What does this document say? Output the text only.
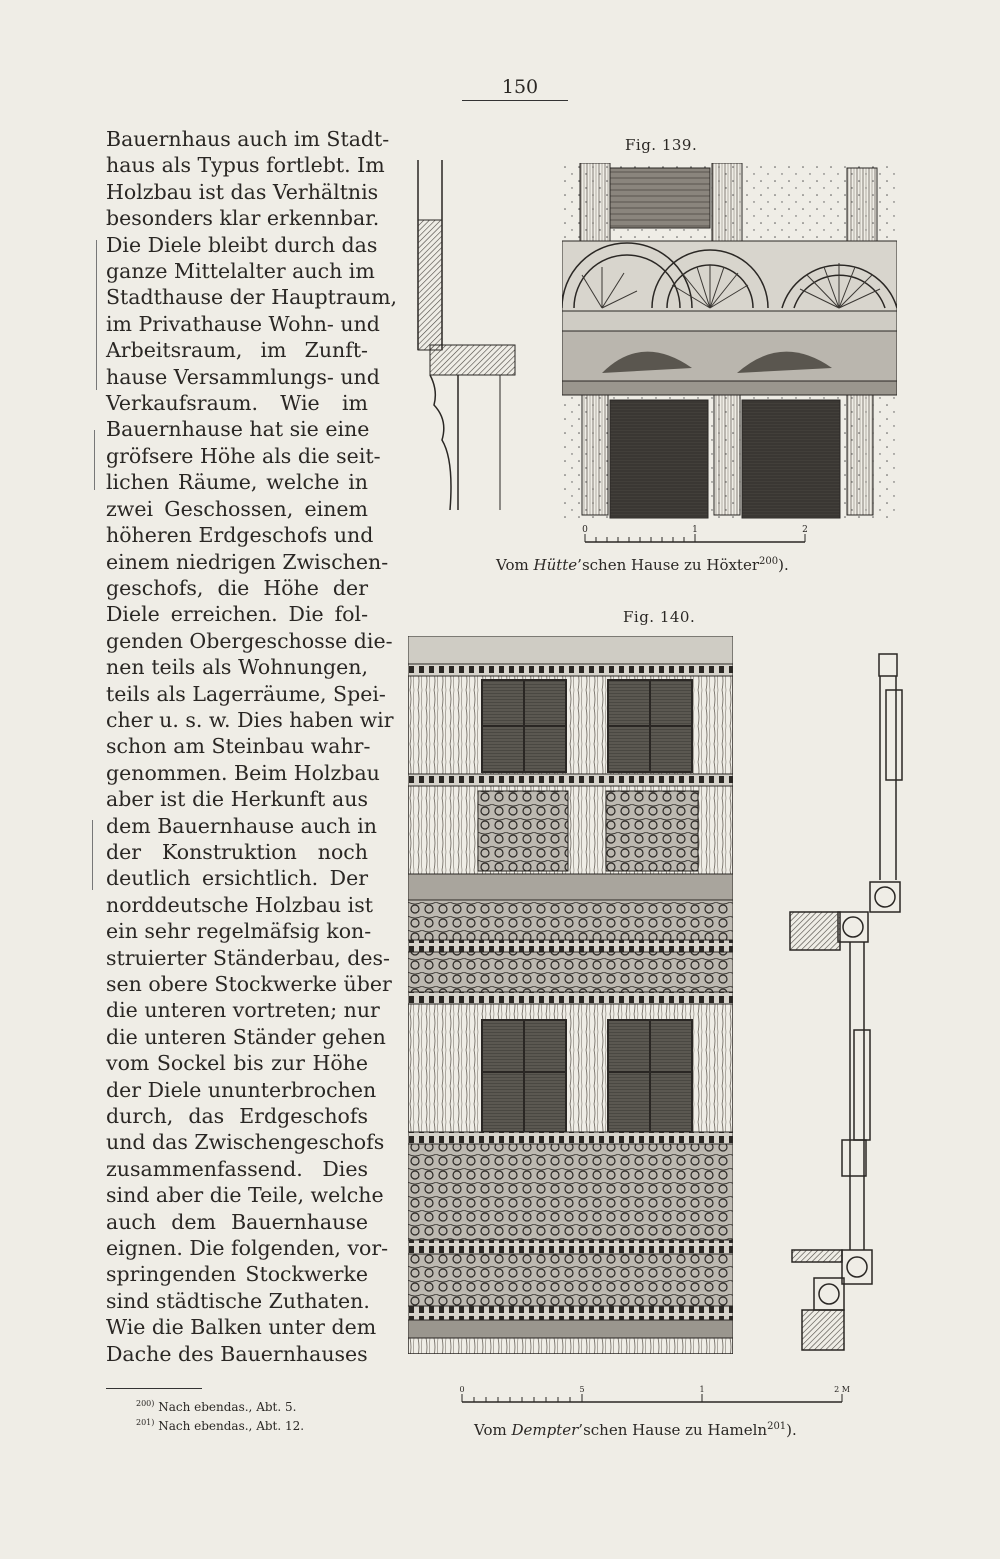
150
Bauernhaus auch im Stadt-
haus als Typus fortlebt. Im
Holzbau ist das Verhältnis
besonders klar erkennbar.
Die Diele bleibt durch das
ganze Mittelalter auch im
Stadthause der Hauptraum,
im Privathause Wohn- und
Arbeitsraum, im Zunft-
hause Versammlungs- und
Verkaufsraum. Wie im
Bauernhause hat sie eine
gröfsere Höhe als die seit-
lichen Räume, welche in
zwei Geschossen, einem
höheren Erdgeschofs und
einem niedrigen Zwischen-
geschofs, die Höhe der
Diele erreichen. Die fol-
genden Obergeschosse die-
nen teils als Wohnungen,
teils als Lagerräume, Spei-
cher u. s. w. Dies haben wir
schon am Steinbau wahr-
genommen. Beim Holzbau
aber ist die Herkunft aus
dem Bauernhause auch in
der Konstruktion noch
deutlich ersichtlich. Der
norddeutsche Holzbau ist
ein sehr regelmäfsig kon-
struierter Ständerbau, des-
sen obere Stockwerke über
die unteren vortreten; nur
die unteren Ständer gehen
vom Sockel bis zur Höhe
der Diele ununterbrochen
durch, das Erdgeschofs
und das Zwischengeschofs
zusammenfassend. Dies
sind aber die Teile, welche
auch dem Bauernhause
eignen. Die folgenden, vor-
springenden Stockwerke
sind städtische Zuthaten.
Wie die Balken unter dem
Dache des Bauernhauses
$^{200)}$ Nach ebendas., Abt. 5.
$^{201)}$ Nach ebendas., Abt. 12.
Fig. 139.
0	1	2
Vom Hütte’schen Hause zu Höxter$^{200}$).
Fig. 140.
0	5	1	2 M
Vom Dempter’schen Hause zu Hameln$^{201}$).
